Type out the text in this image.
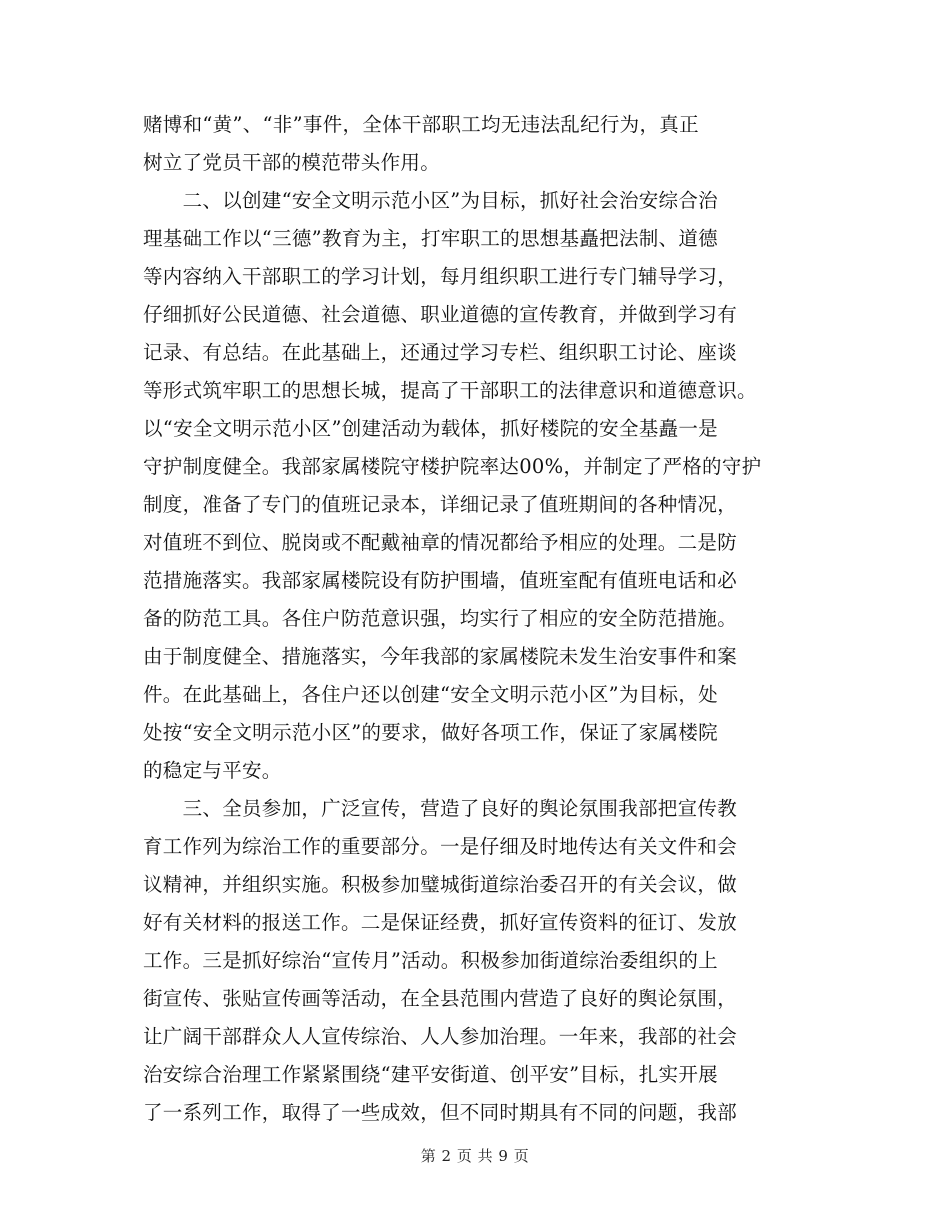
赌博和“黄”、“非”事件，全体干部职工均无违法乱纪行为，真正
树立了党员干部的模范带头作用。
　　二、以创建“安全文明示范小区”为目标，抓好社会治安综合治
理基础工作以“三德”教育为主，打牢职工的思想基矗把法制、道德
等内容纳入干部职工的学习计划，每月组织职工进行专门辅导学习，
仔细抓好公民道德、社会道德、职业道德的宣传教育，并做到学习有
记录、有总结。在此基础上，还通过学习专栏、组织职工讨论、座谈
等形式筑牢职工的思想长城，提高了干部职工的法律意识和道德意识。
以“安全文明示范小区”创建活动为载体，抓好楼院的安全基矗一是
守护制度健全。我部家属楼院守楼护院率达00%，并制定了严格的守护
制度，准备了专门的值班记录本，详细记录了值班期间的各种情况，
对值班不到位、脱岗或不配戴袖章的情况都给予相应的处理。二是防
范措施落实。我部家属楼院设有防护围墙，值班室配有值班电话和必
备的防范工具。各住户防范意识强，均实行了相应的安全防范措施。
由于制度健全、措施落实，今年我部的家属楼院未发生治安事件和案
件。在此基础上，各住户还以创建“安全文明示范小区”为目标，处
处按“安全文明示范小区”的要求，做好各项工作，保证了家属楼院
的稳定与平安。
　　三、全员参加，广泛宣传，营造了良好的舆论氛围我部把宣传教
育工作列为综治工作的重要部分。一是仔细及时地传达有关文件和会
议精神，并组织实施。积极参加璧城街道综治委召开的有关会议，做
好有关材料的报送工作。二是保证经费，抓好宣传资料的征订、发放
工作。三是抓好综治“宣传月”活动。积极参加街道综治委组织的上
街宣传、张贴宣传画等活动，在全县范围内营造了良好的舆论氛围，
让广阔干部群众人人宣传综治、人人参加治理。一年来，我部的社会
治安综合治理工作紧紧围绕“建平安街道、创平安”目标，扎实开展
了一系列工作，取得了一些成效，但不同时期具有不同的问题，我部
第 2 页 共 9 页
